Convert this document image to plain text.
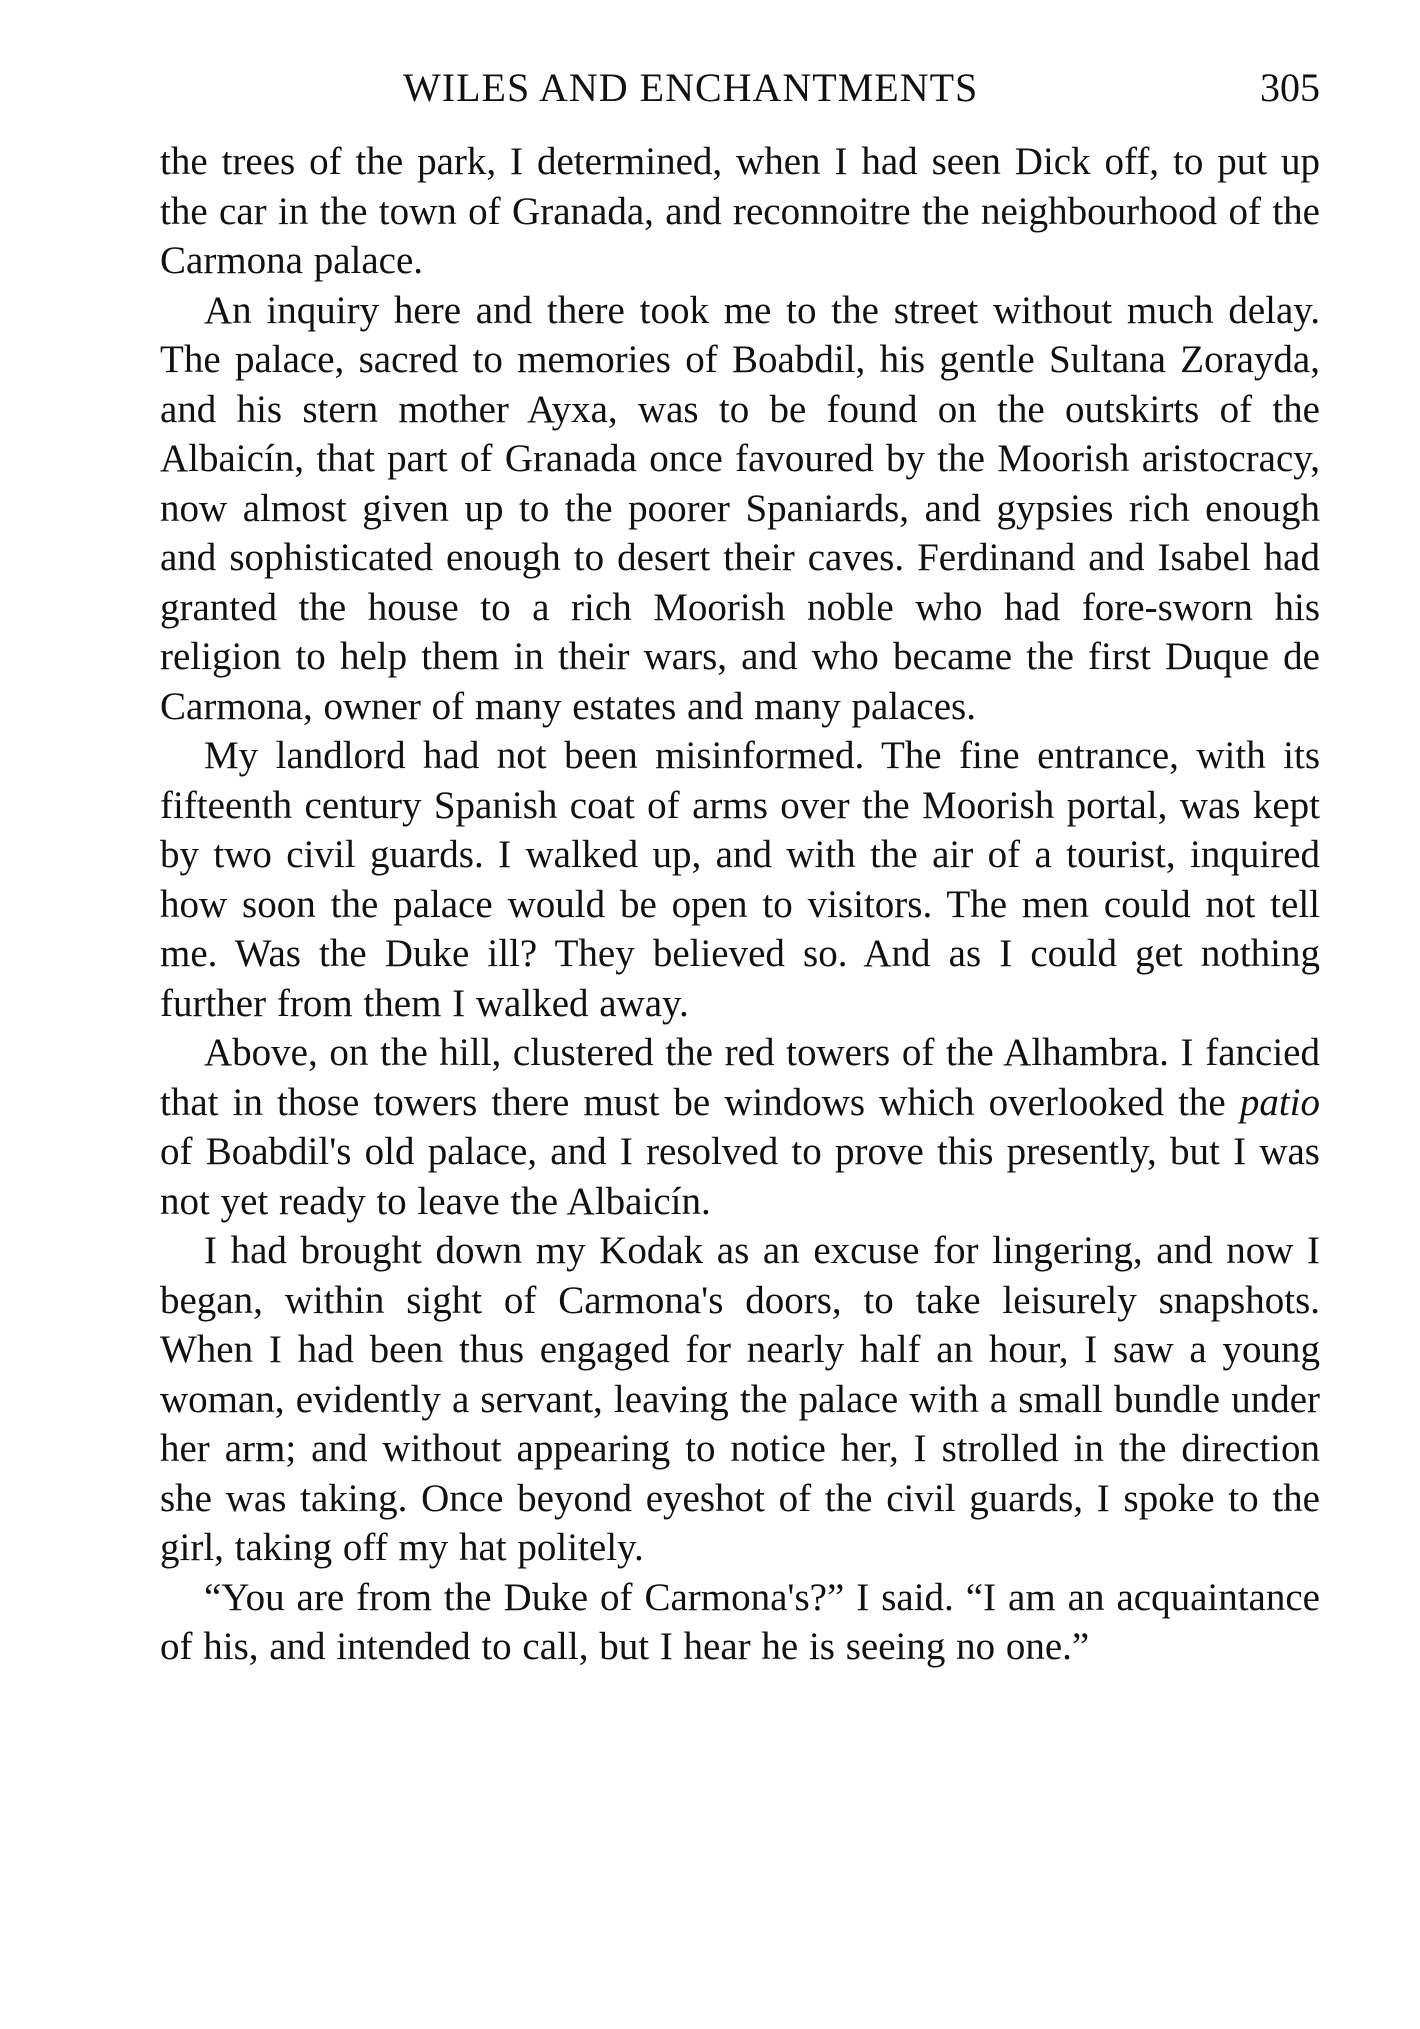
WILES AND ENCHANTMENTS	305

the trees of the park, I determined, when I had seen Dick off, to put up the car in the town of Granada, and reconnoitre the neighbourhood of the Carmona palace.

An inquiry here and there took me to the street without much delay. The palace, sacred to memories of Boabdil, his gentle Sultana Zorayda, and his stern mother Ayxa, was to be found on the outskirts of the Albaicín, that part of Granada once favoured by the Moorish aristocracy, now almost given up to the poorer Spaniards, and gypsies rich enough and sophisticated enough to desert their caves. Ferdinand and Isabel had granted the house to a rich Moorish noble who had fore-sworn his religion to help them in their wars, and who became the first Duque de Carmona, owner of many estates and many palaces.

My landlord had not been misinformed. The fine entrance, with its fifteenth century Spanish coat of arms over the Moorish portal, was kept by two civil guards. I walked up, and with the air of a tourist, inquired how soon the palace would be open to visitors. The men could not tell me. Was the Duke ill? They believed so. And as I could get nothing further from them I walked away.

Above, on the hill, clustered the red towers of the Alhambra. I fancied that in those towers there must be windows which overlooked the patio of Boabdil's old palace, and I resolved to prove this presently, but I was not yet ready to leave the Albaicín.

I had brought down my Kodak as an excuse for lingering, and now I began, within sight of Carmona's doors, to take leisurely snapshots. When I had been thus engaged for nearly half an hour, I saw a young woman, evidently a servant, leaving the palace with a small bundle under her arm; and without appearing to notice her, I strolled in the direction she was taking. Once beyond eyeshot of the civil guards, I spoke to the girl, taking off my hat politely.

“You are from the Duke of Carmona's?” I said. “I am an acquaintance of his, and intended to call, but I hear he is seeing no one.”
